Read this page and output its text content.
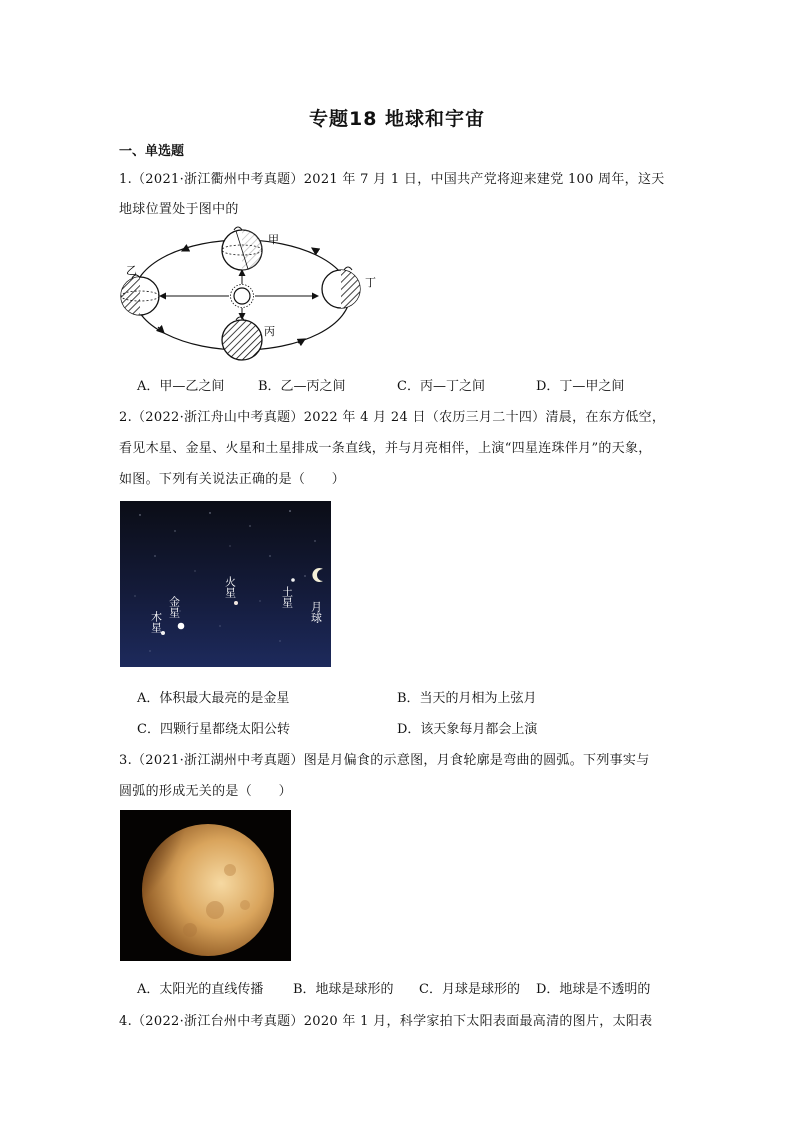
专题18 地球和宇宙
一、单选题
1.（2021·浙江衢州中考真题）2021 年 7 月 1 日，中国共产党将迎来建党 100 周年，这天
地球位置处于图中的
甲
乙
丙
丁
A．甲—乙之间	B．乙—丙之间	C．丙—丁之间	D．丁—甲之间
2.（2022·浙江舟山中考真题）2022 年 4 月 24 日（农历三月二十四）清晨，在东方低空，
看见木星、金星、火星和土星排成一条直线，并与月亮相伴，上演“四星连珠伴月”的天象，
如图。下列有关说法正确的是（　　）
木星
金星
火星	土星
月球
A．体积最大最亮的是金星	B．当天的月相为上弦月
C．四颗行星都绕太阳公转	D．该天象每月都会上演
3.（2021·浙江湖州中考真题）图是月偏食的示意图，月食轮廓是弯曲的圆弧。下列事实与
圆弧的形成无关的是（　　）
A．太阳光的直线传播 B．地球是球形的 C．月球是球形的 D．地球是不透明的
4.（2022·浙江台州中考真题）2020 年 1 月，科学家拍下太阳表面最高清的图片，太阳表
